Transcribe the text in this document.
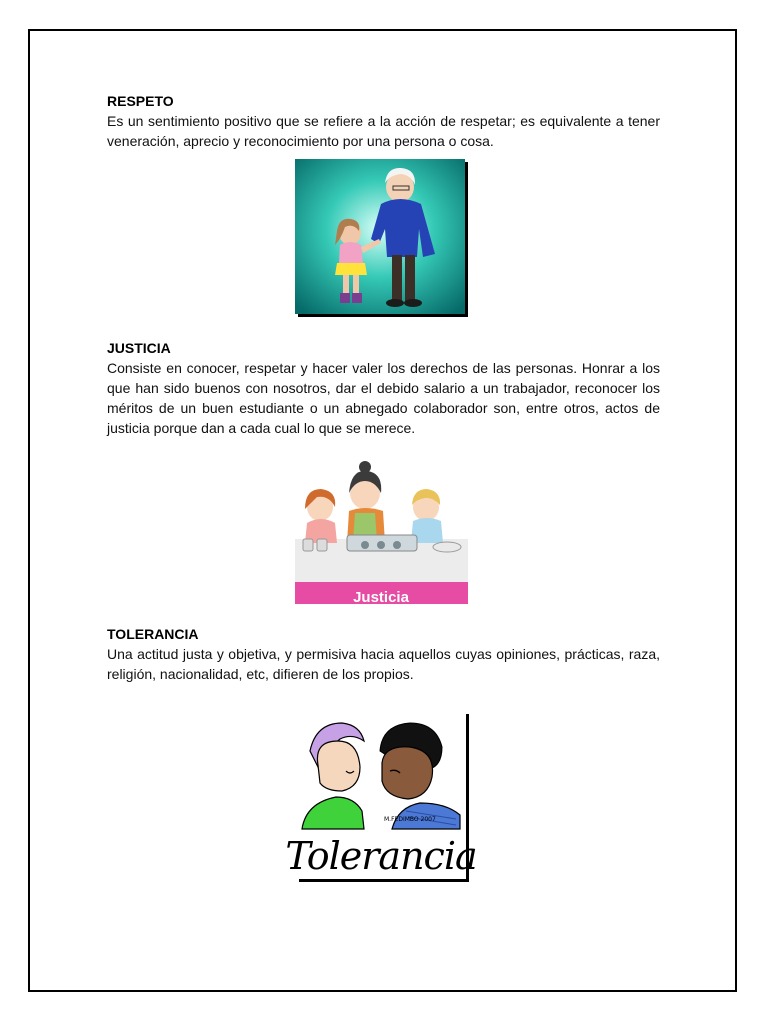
RESPETO

Es un sentimiento positivo que se refiere a la acción de respetar; es equivalente a tener veneración, aprecio y reconocimiento por una persona o cosa.

JUSTICIA

Consiste en conocer, respetar y hacer valer los derechos de las personas. Honrar a los que han sido buenos con nosotros, dar el debido salario a un trabajador, reconocer los méritos de un buen estudiante o un abnegado colaborador son, entre otros, actos de justicia porque dan a cada cual lo que se merece.

Justicia
TOLERANCIA

Una actitud justa y objetiva, y permisiva hacia aquellos cuyas opiniones, prácticas, raza, religión, nacionalidad, etc, difieren de los propios.

M.FEDIMBO 2007
Tolerancia
